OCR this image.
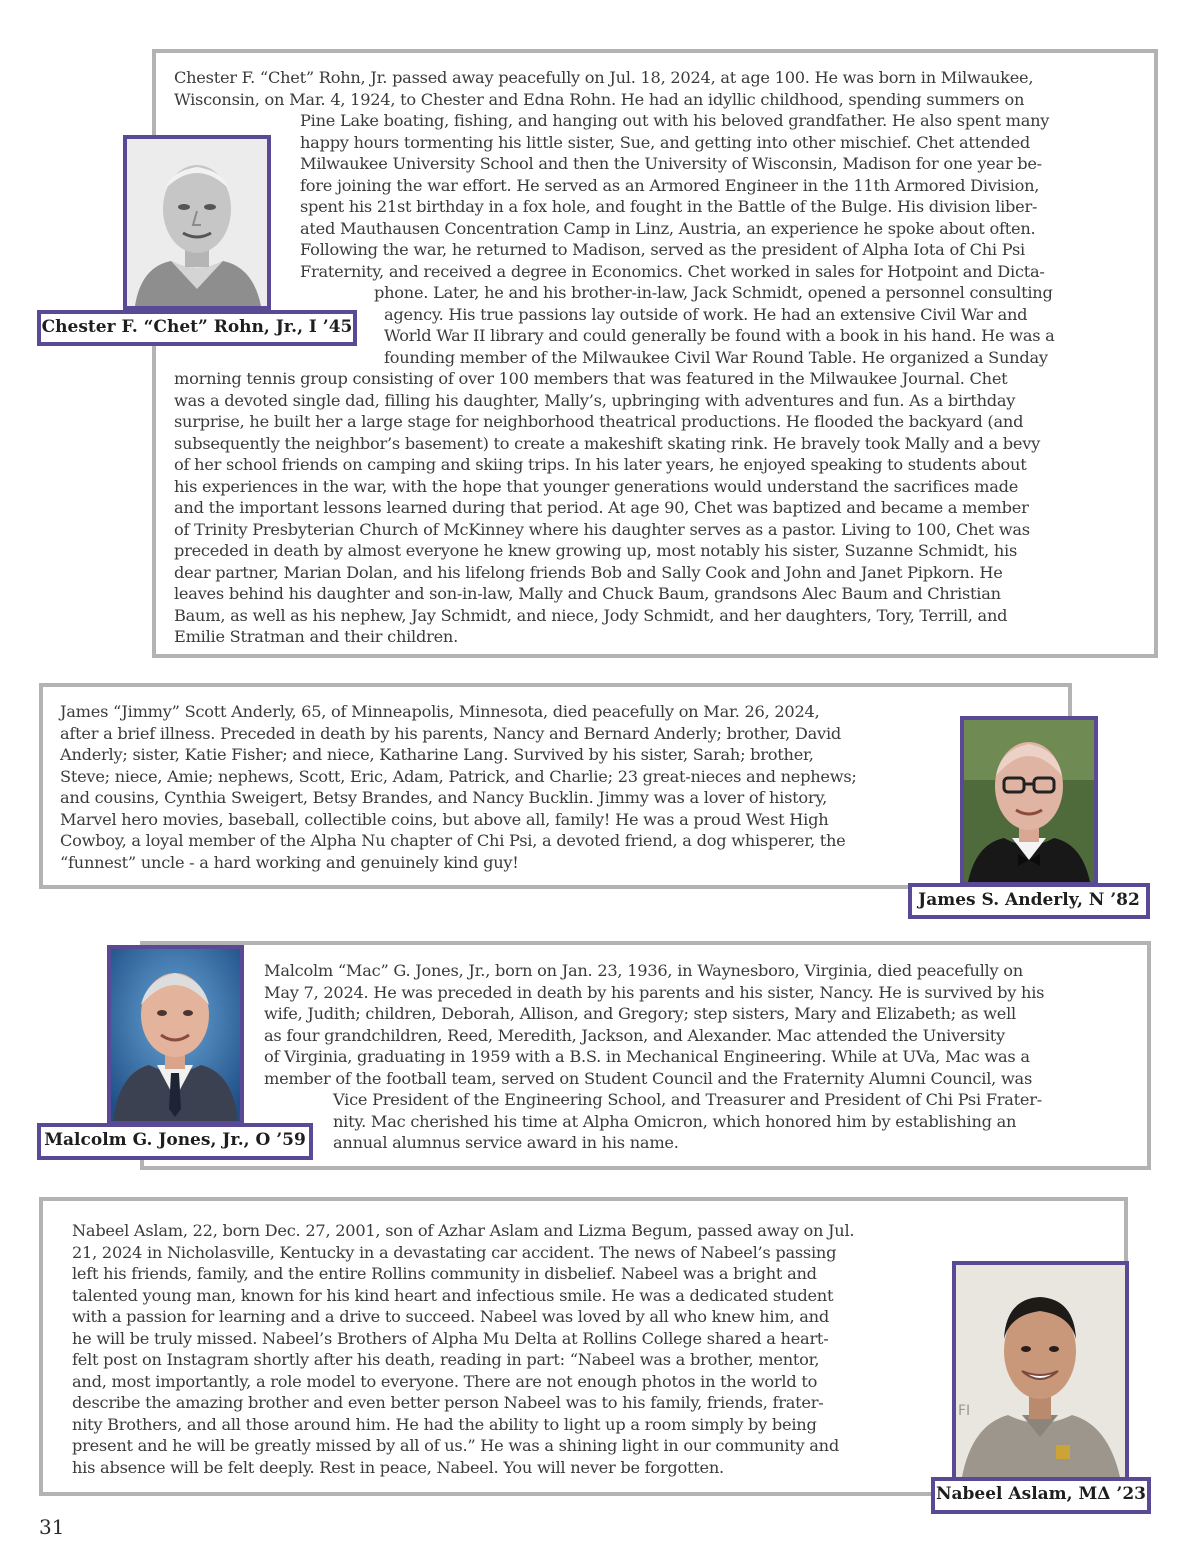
Chester F. “Chet” Rohn, Jr. passed away peacefully on Jul. 18, 2024, at age 100. He was born in Milwaukee,
Wisconsin, on Mar. 4, 1924, to Chester and Edna Rohn. He had an idyllic childhood, spending summers on
Pine Lake boating, fishing, and hanging out with his beloved grandfather. He also spent many
happy hours tormenting his little sister, Sue, and getting into other mischief. Chet attended
Milwaukee University School and then the University of Wisconsin, Madison for one year be-
fore joining the war effort. He served as an Armored Engineer in the 11th Armored Division,
spent his 21st birthday in a fox hole, and fought in the Battle of the Bulge. His division liber-
ated Mauthausen Concentration Camp in Linz, Austria, an experience he spoke about often.
Following the war, he returned to Madison, served as the president of Alpha Iota of Chi Psi
Fraternity, and received a degree in Economics. Chet worked in sales for Hotpoint and Dicta-
phone. Later, he and his brother-in-law, Jack Schmidt, opened a personnel consulting
agency. His true passions lay outside of work. He had an extensive Civil War and
World War II library and could generally be found with a book in his hand. He was a
founding member of the Milwaukee Civil War Round Table. He organized a Sunday
morning tennis group consisting of over 100 members that was featured in the Milwaukee Journal. Chet
was a devoted single dad, filling his daughter, Mally’s, upbringing with adventures and fun. As a birthday
surprise, he built her a large stage for neighborhood theatrical productions. He flooded the backyard (and
subsequently the neighbor’s basement) to create a makeshift skating rink. He bravely took Mally and a bevy
of her school friends on camping and skiing trips. In his later years, he enjoyed speaking to students about
his experiences in the war, with the hope that younger generations would understand the sacrifices made
and the important lessons learned during that period. At age 90, Chet was baptized and became a member
of Trinity Presbyterian Church of McKinney where his daughter serves as a pastor. Living to 100, Chet was
preceded in death by almost everyone he knew growing up, most notably his sister, Suzanne Schmidt, his
dear partner, Marian Dolan, and his lifelong friends Bob and Sally Cook and John and Janet Pipkorn. He
leaves behind his daughter and son-in-law, Mally and Chuck Baum, grandsons Alec Baum and Christian
Baum, as well as his nephew, Jay Schmidt, and niece, Jody Schmidt, and her daughters, Tory, Terrill, and
Emilie Stratman and their children.
Chester F. “Chet” Rohn, Jr., I ’45
James “Jimmy” Scott Anderly, 65, of Minneapolis, Minnesota, died peacefully on Mar. 26, 2024,
after a brief illness. Preceded in death by his parents, Nancy and Bernard Anderly; brother, David
Anderly; sister, Katie Fisher; and niece, Katharine Lang. Survived by his sister, Sarah; brother,
Steve; niece, Amie; nephews, Scott, Eric, Adam, Patrick, and Charlie; 23 great-nieces and nephews;
and cousins, Cynthia Sweigert, Betsy Brandes, and Nancy Bucklin. Jimmy was a lover of history,
Marvel hero movies, baseball, collectible coins, but above all, family! He was a proud West High
Cowboy, a loyal member of the Alpha Nu chapter of Chi Psi, a devoted friend, a dog whisperer, the
“funnest” uncle - a hard working and genuinely kind guy!
James S. Anderly, N ’82
Malcolm “Mac” G. Jones, Jr., born on Jan. 23, 1936, in Waynesboro, Virginia, died peacefully on
May 7, 2024. He was preceded in death by his parents and his sister, Nancy. He is survived by his
wife, Judith; children, Deborah, Allison, and Gregory; step sisters, Mary and Elizabeth; as well
as four grandchildren, Reed, Meredith, Jackson, and Alexander. Mac attended the University
of Virginia, graduating in 1959 with a B.S. in Mechanical Engineering. While at UVa, Mac was a
member of the football team, served on Student Council and the Fraternity Alumni Council, was
Vice President of the Engineering School, and Treasurer and President of Chi Psi Frater-
nity. Mac cherished his time at Alpha Omicron, which honored him by establishing an
annual alumnus service award in his name.
Malcolm G. Jones, Jr., O ’59
Nabeel Aslam, 22, born Dec. 27, 2001, son of Azhar Aslam and Lizma Begum, passed away on Jul.
21, 2024 in Nicholasville, Kentucky in a devastating car accident. The news of Nabeel’s passing
left his friends, family, and the entire Rollins community in disbelief. Nabeel was a bright and
talented young man, known for his kind heart and infectious smile. He was a dedicated student
with a passion for learning and a drive to succeed. Nabeel was loved by all who knew him, and
he will be truly missed. Nabeel’s Brothers of Alpha Mu Delta at Rollins College shared a heart-
felt post on Instagram shortly after his death, reading in part: “Nabeel was a brother, mentor,
and, most importantly, a role model to everyone. There are not enough photos in the world to
describe the amazing brother and even better person Nabeel was to his family, friends, frater-
nity Brothers, and all those around him. He had the ability to light up a room simply by being
present and he will be greatly missed by all of us.” He was a shining light in our community and
his absence will be felt deeply. Rest in peace, Nabeel. You will never be forgotten.
FI
Nabeel Aslam, MΔ ’23
31
